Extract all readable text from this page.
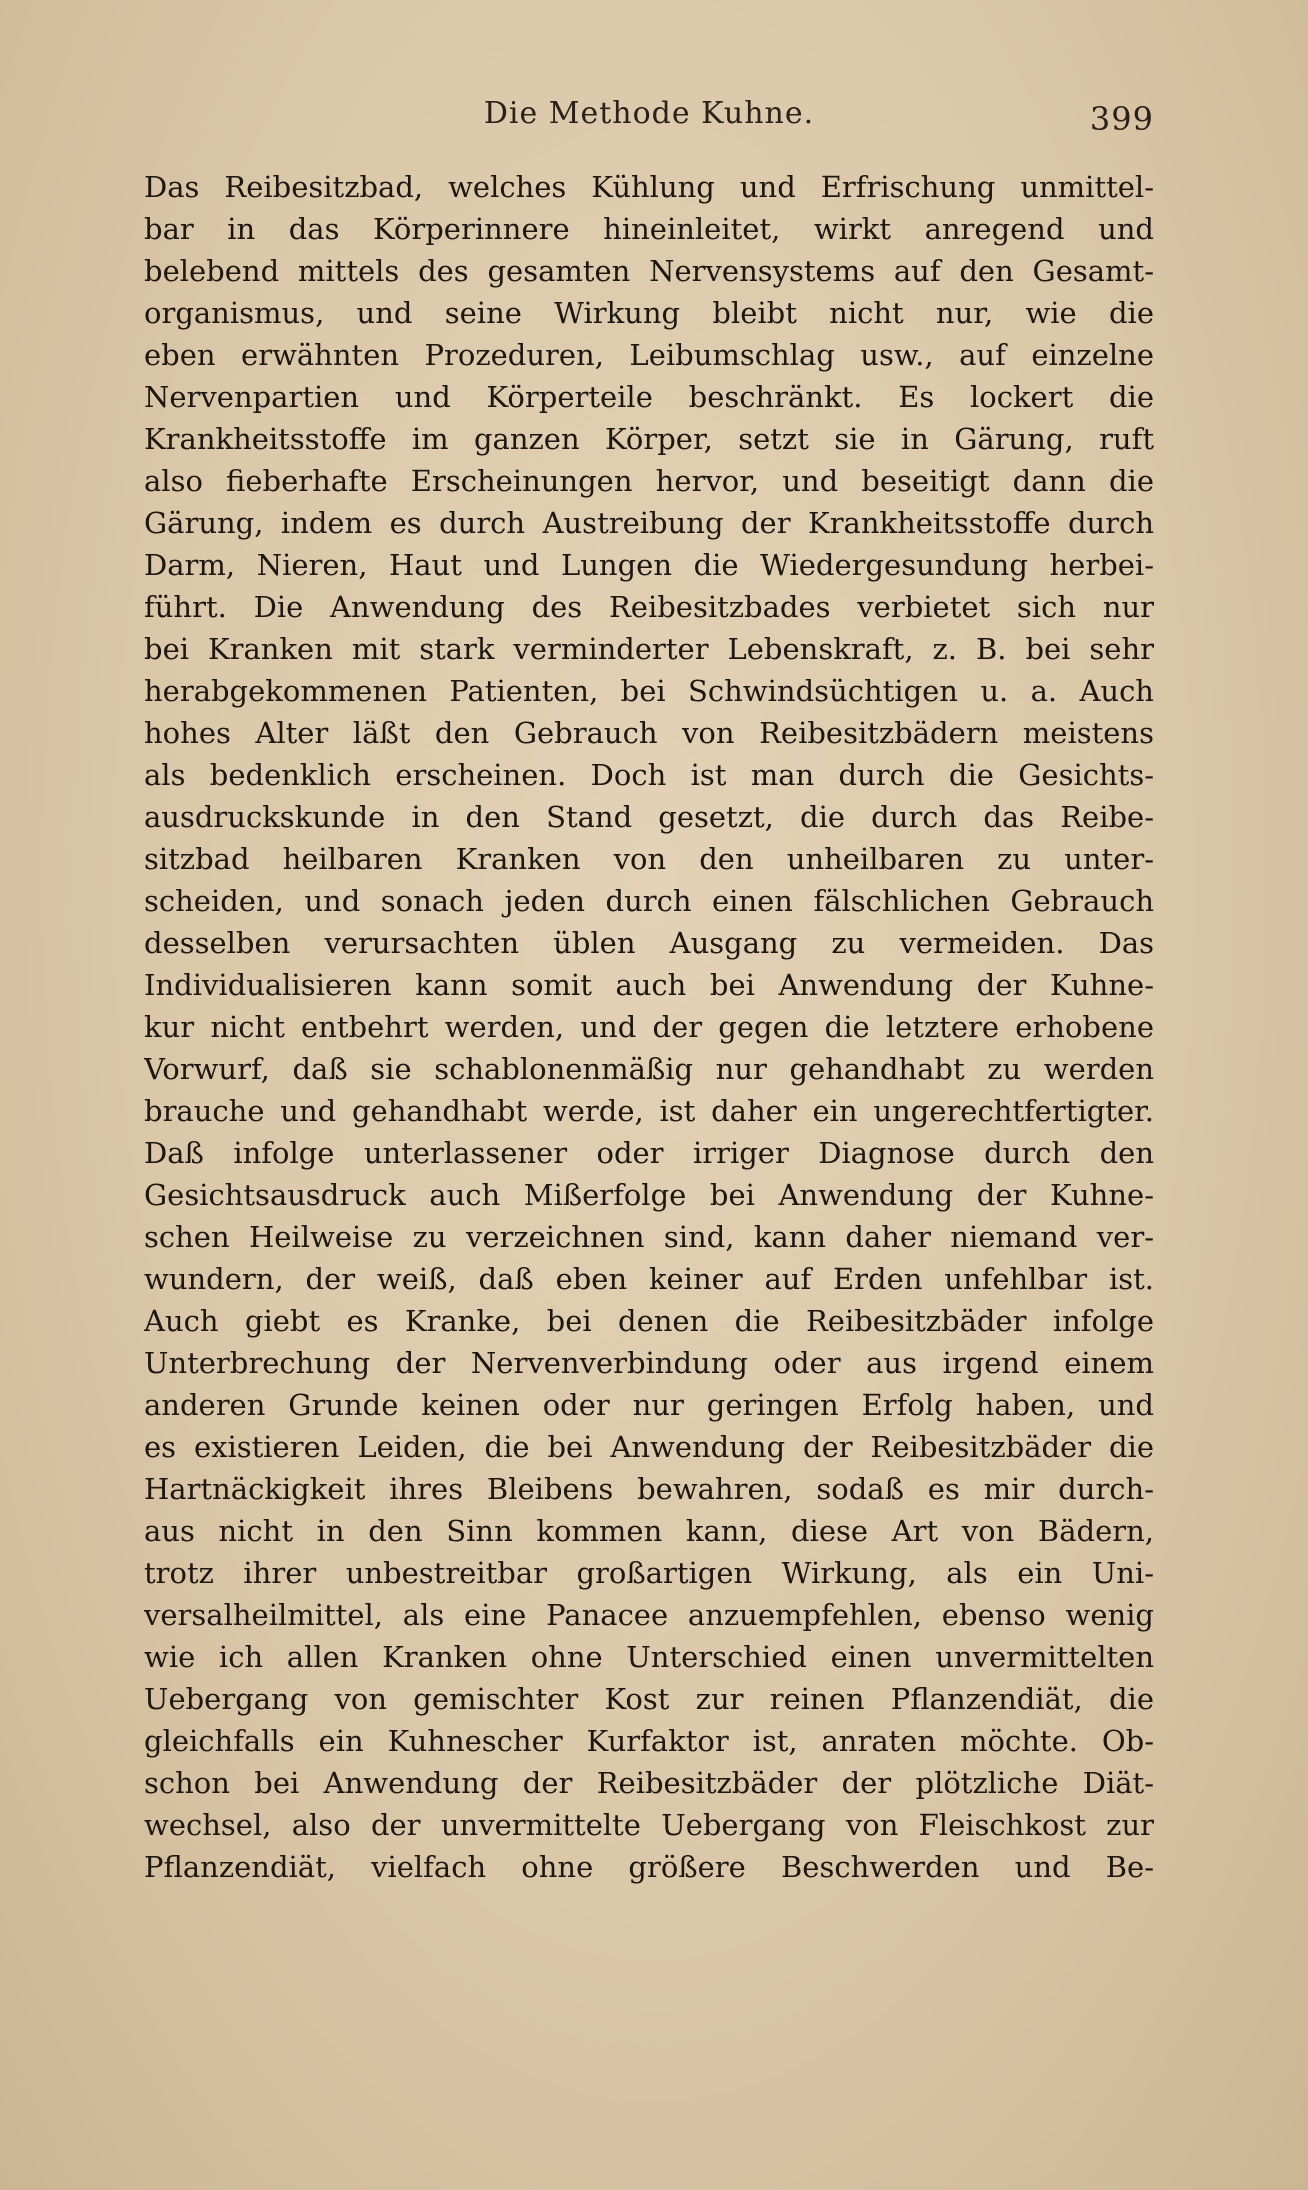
Die Methode Kuhne.	399
Das Reibesitzbad, welches Kühlung und Erfrischung unmittel-
bar in das Körperinnere hineinleitet, wirkt anregend und
belebend mittels des gesamten Nervensystems auf den Gesamt-
organismus, und seine Wirkung bleibt nicht nur, wie die
eben erwähnten Prozeduren, Leibumschlag usw., auf einzelne
Nervenpartien und Körperteile beschränkt. Es lockert die
Krankheitsstoffe im ganzen Körper, setzt sie in Gärung, ruft
also fieberhafte Erscheinungen hervor, und beseitigt dann die
Gärung, indem es durch Austreibung der Krankheitsstoffe durch
Darm, Nieren, Haut und Lungen die Wiedergesundung herbei-
führt. Die Anwendung des Reibesitzbades verbietet sich nur
bei Kranken mit stark verminderter Lebenskraft, z. B. bei sehr
herabgekommenen Patienten, bei Schwindsüchtigen u. a. Auch
hohes Alter läßt den Gebrauch von Reibesitzbädern meistens
als bedenklich erscheinen. Doch ist man durch die Gesichts-
ausdruckskunde in den Stand gesetzt, die durch das Reibe-
sitzbad heilbaren Kranken von den unheilbaren zu unter-
scheiden, und sonach jeden durch einen fälschlichen Gebrauch
desselben verursachten üblen Ausgang zu vermeiden. Das
Individualisieren kann somit auch bei Anwendung der Kuhne-
kur nicht entbehrt werden, und der gegen die letztere erhobene
Vorwurf, daß sie schablonenmäßig nur gehandhabt zu werden
brauche und gehandhabt werde, ist daher ein ungerechtfertigter.
Daß infolge unterlassener oder irriger Diagnose durch den
Gesichtsausdruck auch Mißerfolge bei Anwendung der Kuhne-
schen Heilweise zu verzeichnen sind, kann daher niemand ver-
wundern, der weiß, daß eben keiner auf Erden unfehlbar ist.
Auch giebt es Kranke, bei denen die Reibesitzbäder infolge
Unterbrechung der Nervenverbindung oder aus irgend einem
anderen Grunde keinen oder nur geringen Erfolg haben, und
es existieren Leiden, die bei Anwendung der Reibesitzbäder die
Hartnäckigkeit ihres Bleibens bewahren, sodaß es mir durch-
aus nicht in den Sinn kommen kann, diese Art von Bädern,
trotz ihrer unbestreitbar großartigen Wirkung, als ein Uni-
versalheilmittel, als eine Panacee anzuempfehlen, ebenso wenig
wie ich allen Kranken ohne Unterschied einen unvermittelten
Uebergang von gemischter Kost zur reinen Pflanzendiät, die
gleichfalls ein Kuhnescher Kurfaktor ist, anraten möchte. Ob-
schon bei Anwendung der Reibesitzbäder der plötzliche Diät-
wechsel, also der unvermittelte Uebergang von Fleischkost zur
Pflanzendiät, vielfach ohne größere Beschwerden und Be-
